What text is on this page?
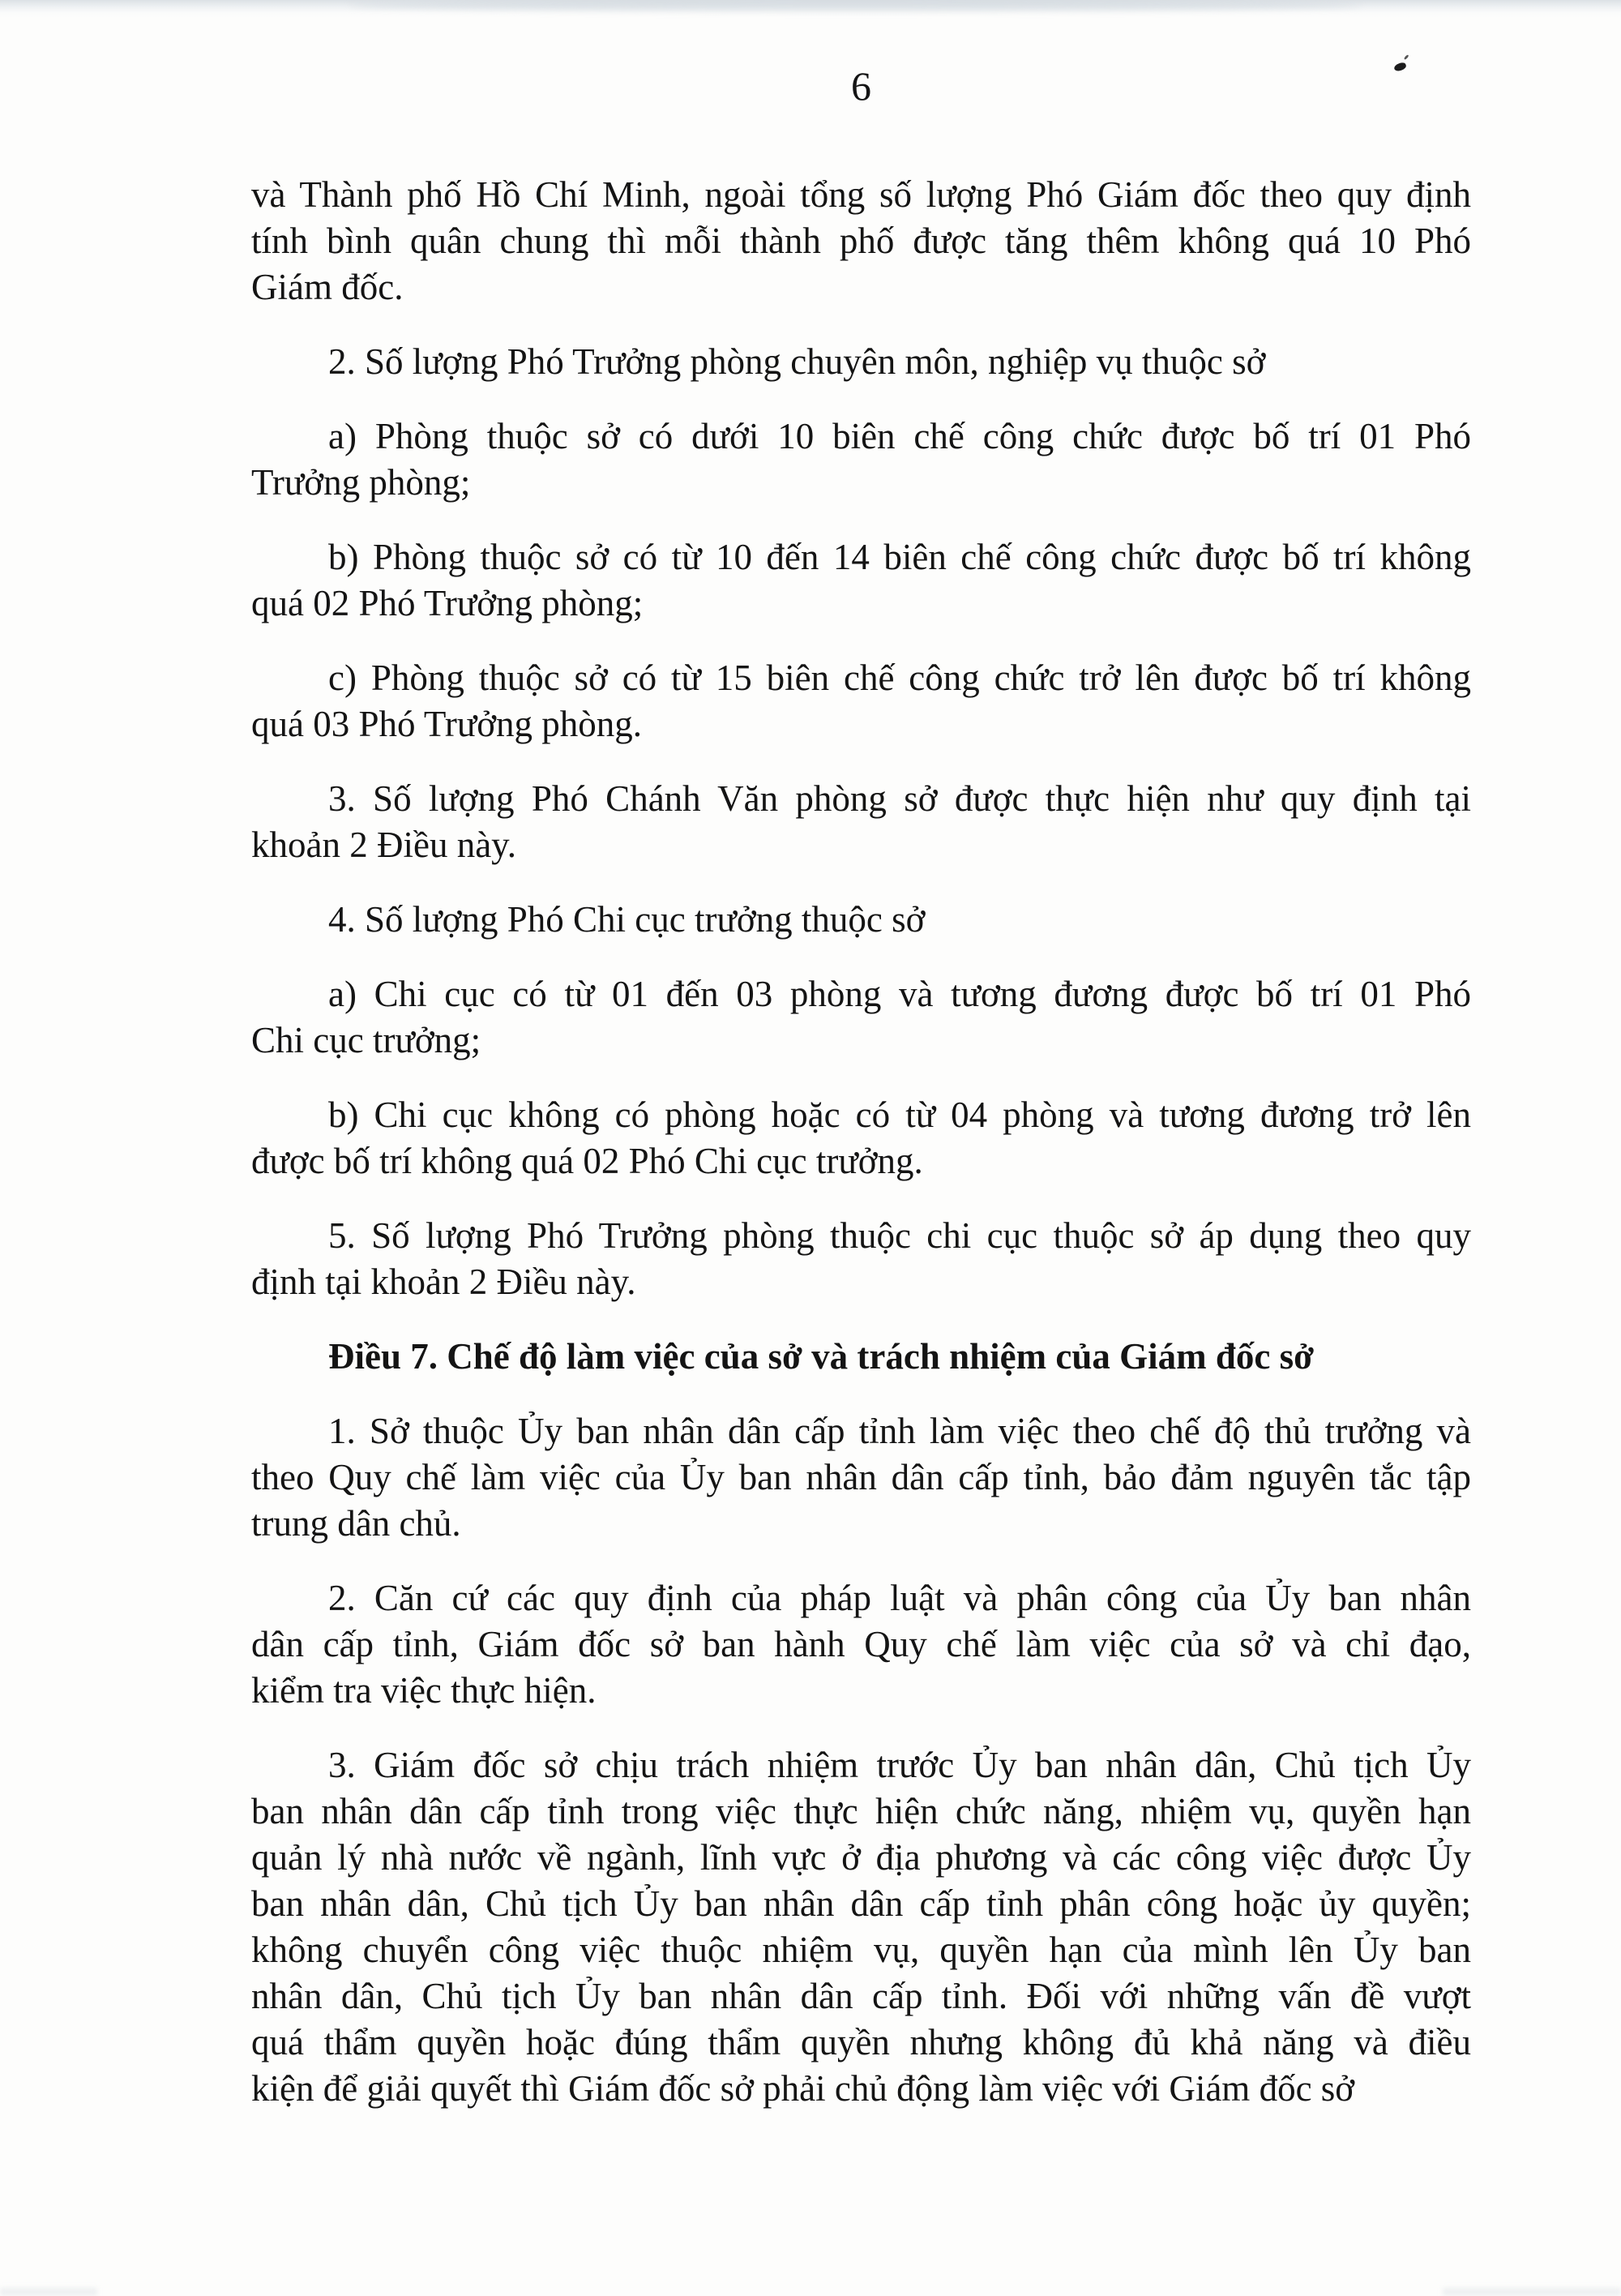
6
và Thành phố Hồ Chí Minh, ngoài tổng số lượng Phó Giám đốc theo quy định
tính bình quân chung thì mỗi thành phố được tăng thêm không quá 10 Phó
Giám đốc.
2. Số lượng Phó Trưởng phòng chuyên môn, nghiệp vụ thuộc sở
a) Phòng thuộc sở có dưới 10 biên chế công chức được bố trí 01 Phó
Trưởng phòng;
b) Phòng thuộc sở có từ 10 đến 14 biên chế công chức được bố trí không
quá 02 Phó Trưởng phòng;
c) Phòng thuộc sở có từ 15 biên chế công chức trở lên được bố trí không
quá 03 Phó Trưởng phòng.
3. Số lượng Phó Chánh Văn phòng sở được thực hiện như quy định tại
khoản 2 Điều này.
4. Số lượng Phó Chi cục trưởng thuộc sở
a) Chi cục có từ 01 đến 03 phòng và tương đương được bố trí 01 Phó
Chi cục trưởng;
b) Chi cục không có phòng hoặc có từ 04 phòng và tương đương trở lên
được bố trí không quá 02 Phó Chi cục trưởng.
5. Số lượng Phó Trưởng phòng thuộc chi cục thuộc sở áp dụng theo quy
định tại khoản 2 Điều này.
Điều 7. Chế độ làm việc của sở và trách nhiệm của Giám đốc sở
1. Sở thuộc Ủy ban nhân dân cấp tỉnh làm việc theo chế độ thủ trưởng và
theo Quy chế làm việc của Ủy ban nhân dân cấp tỉnh, bảo đảm nguyên tắc tập
trung dân chủ.
2. Căn cứ các quy định của pháp luật và phân công của Ủy ban nhân
dân cấp tỉnh, Giám đốc sở ban hành Quy chế làm việc của sở và chỉ đạo,
kiểm tra việc thực hiện.
3. Giám đốc sở chịu trách nhiệm trước Ủy ban nhân dân, Chủ tịch Ủy
ban nhân dân cấp tỉnh trong việc thực hiện chức năng, nhiệm vụ, quyền hạn
quản lý nhà nước về ngành, lĩnh vực ở địa phương và các công việc được Ủy
ban nhân dân, Chủ tịch Ủy ban nhân dân cấp tỉnh phân công hoặc ủy quyền;
không chuyển công việc thuộc nhiệm vụ, quyền hạn của mình lên Ủy ban
nhân dân, Chủ tịch Ủy ban nhân dân cấp tỉnh. Đối với những vấn đề vượt
quá thẩm quyền hoặc đúng thẩm quyền nhưng không đủ khả năng và điều
kiện để giải quyết thì Giám đốc sở phải chủ động làm việc với Giám đốc sở
